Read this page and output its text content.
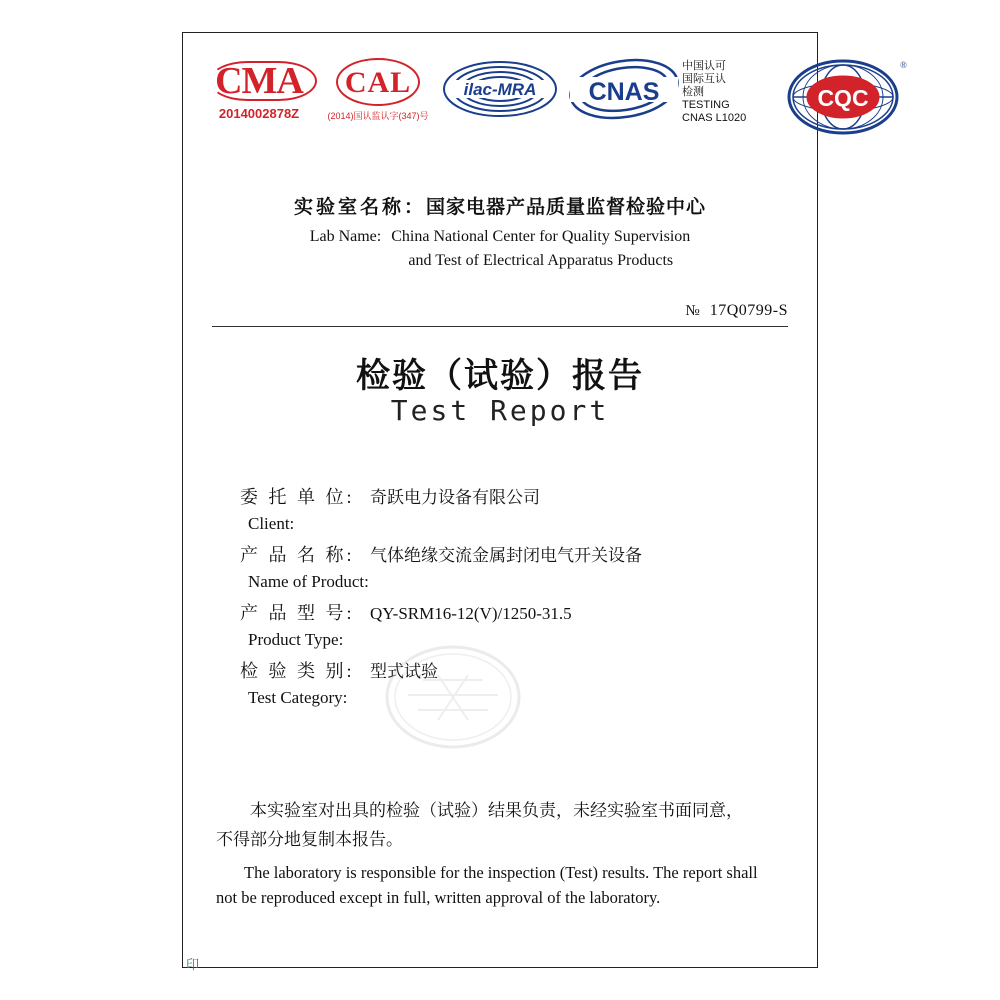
CMA
2014002878Z
CAL
(2014)国认监认字(347)号
ilac-MRA	CNAS
中国认可
国际互认
检测
TESTING
CNAS L1020
CQC
®
实验室名称：国家电器产品质量监督检验中心
Lab Name: China National Center for Quality Supervision
and Test of Electrical Apparatus Products
№ 17Q0799-S
检验（试验）报告
Test Report
委 托 单 位: 奇跃电力设备有限公司
Client:
产 品 名 称: 气体绝缘交流金属封闭电气开关设备
Name of Product:
产 品 型 号: QY-SRM16-12(V)/1250-31.5
Product Type:
检 验 类 别: 型式试验
Test Category:
本实验室对出具的检验（试验）结果负责，未经实验室书面同意，
不得部分地复制本报告。
The laboratory is responsible for the inspection (Test) results. The report shall
not be reproduced except in full, written approval of the laboratory.
印
